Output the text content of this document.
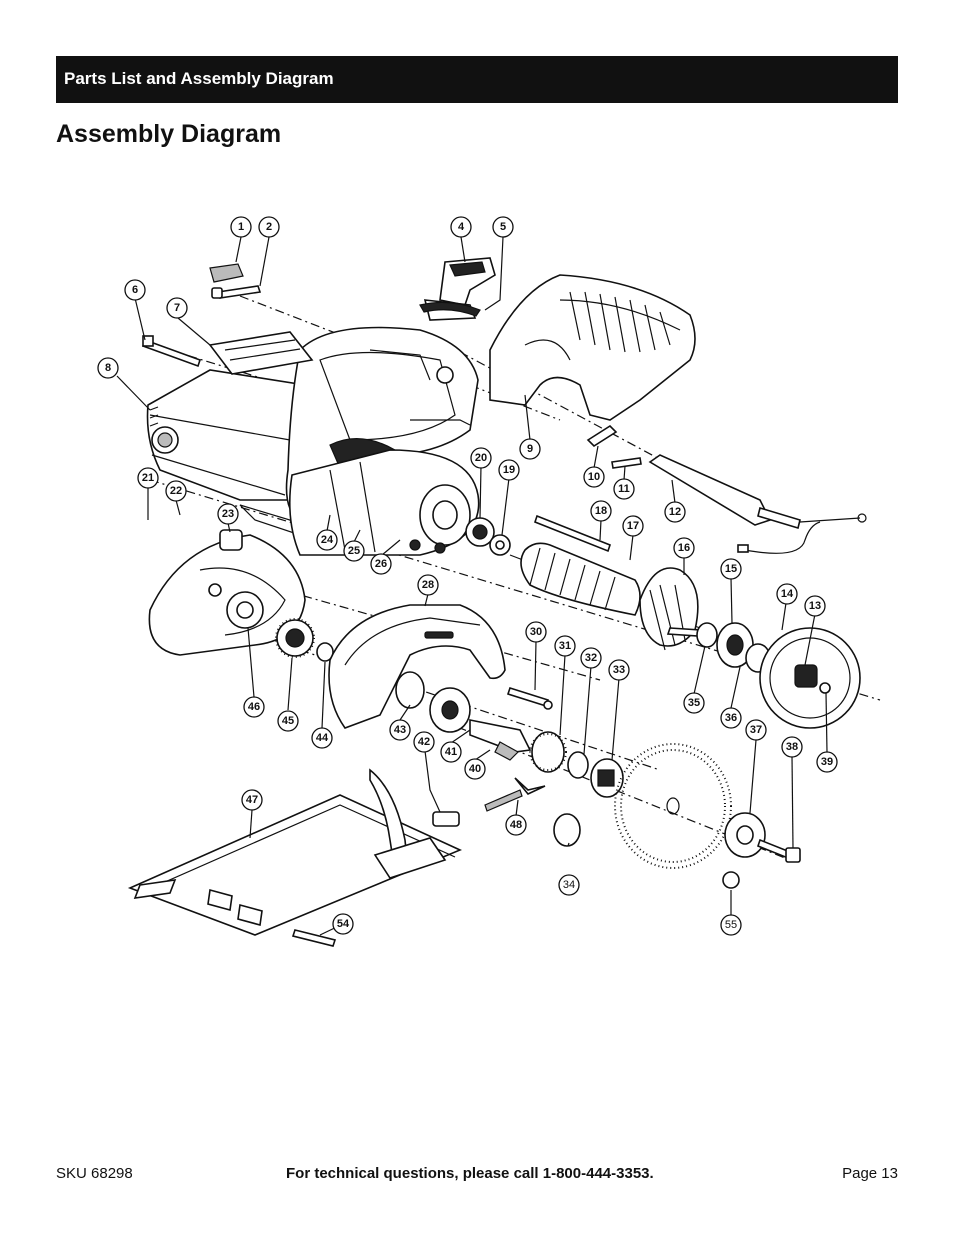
Parts List and Assembly Diagram
Assembly Diagram
1 2	4	5
6
7
8
9
10
11
12
13
14
15
16
17
18
19
20
21
22
23
24
25
26
28
30
31
32
33
34
35
36
37
38
39
40
41
42
43
44
45
46
47
48
54	55
SKU 68298	For technical questions, please call 1-800-444-3353.	Page 13
